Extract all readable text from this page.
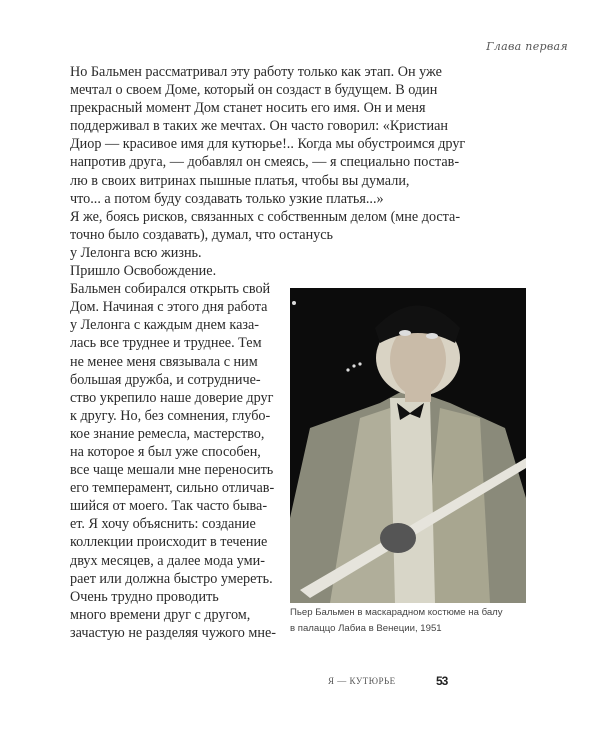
Глава первая
Но Бальмен рассматривал эту работу только как этап. Он уже
мечтал о своем Доме, который он создаст в будущем. В один
прекрасный момент Дом станет носить его имя. Он и меня
поддерживал в таких же мечтах. Он часто говорил: «Кристиан
Диор — красивое имя для кутюрье!.. Когда мы обустроимся друг
напротив друга, — добавлял он смеясь, — я специально постав-
лю в своих витринах пышные платья, чтобы вы думали,
что... а потом буду создавать только узкие платья...»
Я же, боясь рисков, связанных с собственным делом (мне доста-
точно было создавать), думал, что останусь
у Лелонга всю жизнь.
Пришло Освобождение.
Бальмен собирался открыть свой
Дом. Начиная с этого дня работа
у Лелонга с каждым днем каза-
лась все труднее и труднее. Тем
не менее меня связывала с ним
большая дружба, и сотрудниче-
ство укрепило наше доверие друг
к другу. Но, без сомнения, глубо-
кое знание ремесла, мастерство,
на которое я был уже способен,
все чаще мешали мне переносить
его темперамент, сильно отличав-
шийся от моего. Так часто быва-
ет. Я хочу объяснить: создание
коллекции происходит в течение
двух месяцев, а далее мода уми-
рает или должна быстро умереть.
Очень трудно проводить
много времени друг с другом,
зачастую не разделяя чужого мне-
Пьер Бальмен в маскарадном костюме на балу
в палаццо Лабиа в Венеции, 1951
Я — КУТЮРЬЕ	53
